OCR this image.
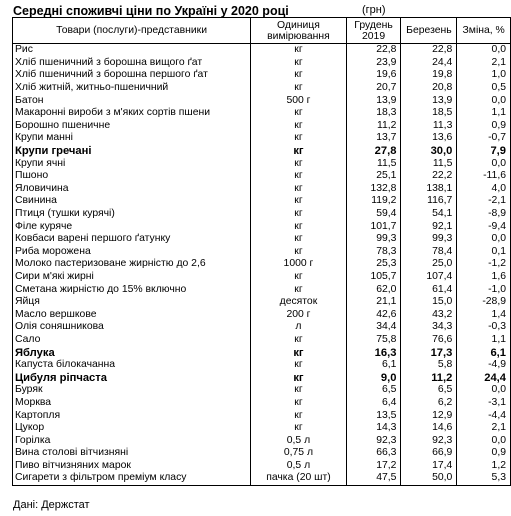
Середні споживчі ціни по Україні у 2020 році	(грн)
Товари (послуги)-представники	Одиниця вимірювання	Грудень 2019	Березень	Зміна, %
Рис	кг	22,8	22,8	0,0
Хліб пшеничний з борошна вищого ґат	кг	23,9	24,4	2,1
Хліб пшеничний з борошна першого ґат	кг	19,6	19,8	1,0
Хліб житній, житньо-пшеничний	кг	20,7	20,8	0,5
Батон	500 г	13,9	13,9	0,0
Макаронні вироби з м'яких сортів пшени	кг	18,3	18,5	1,1
Борошно пшеничне	кг	11,2	11,3	0,9
Крупи манні	кг	13,7	13,6	-0,7
Крупи гречані	кг	27,8	30,0	7,9
Крупи ячні	кг	11,5	11,5	0,0
Пшоно	кг	25,1	22,2	-11,6
Яловичина	кг	132,8	138,1	4,0
Свинина	кг	119,2	116,7	-2,1
Птиця (тушки курячі)	кг	59,4	54,1	-8,9
Філе куряче	кг	101,7	92,1	-9,4
Ковбаси варені першого ґатунку	кг	99,3	99,3	0,0
Риба морожена	кг	78,3	78,4	0,1
Молоко пастеризоване жирністю до 2,6	1000 г	25,3	25,0	-1,2
Сири м'які жирні	кг	105,7	107,4	1,6
Сметана жирністю до 15% включно	кг	62,0	61,4	-1,0
Яйця	десяток	21,1	15,0	-28,9
Масло вершкове	200 г	42,6	43,2	1,4
Олія соняшникова	л	34,4	34,3	-0,3
Сало	кг	75,8	76,6	1,1
Яблука	кг	16,3	17,3	6,1
Капуста білокачанна	кг	6,1	5,8	-4,9
Цибуля ріпчаста	кг	9,0	11,2	24,4
Буряк	кг	6,5	6,5	0,0
Морква	кг	6,4	6,2	-3,1
Картопля	кг	13,5	12,9	-4,4
Цукор	кг	14,3	14,6	2,1
Горілка	0,5 л	92,3	92,3	0,0
Вина столові вітчизняні	0,75 л	66,3	66,9	0,9
Пиво вітчизняних марок	0,5 л	17,2	17,4	1,2
Сигарети з фільтром преміум класу	пачка (20 шт)	47,5	50,0	5,3
Дані: Держстат
